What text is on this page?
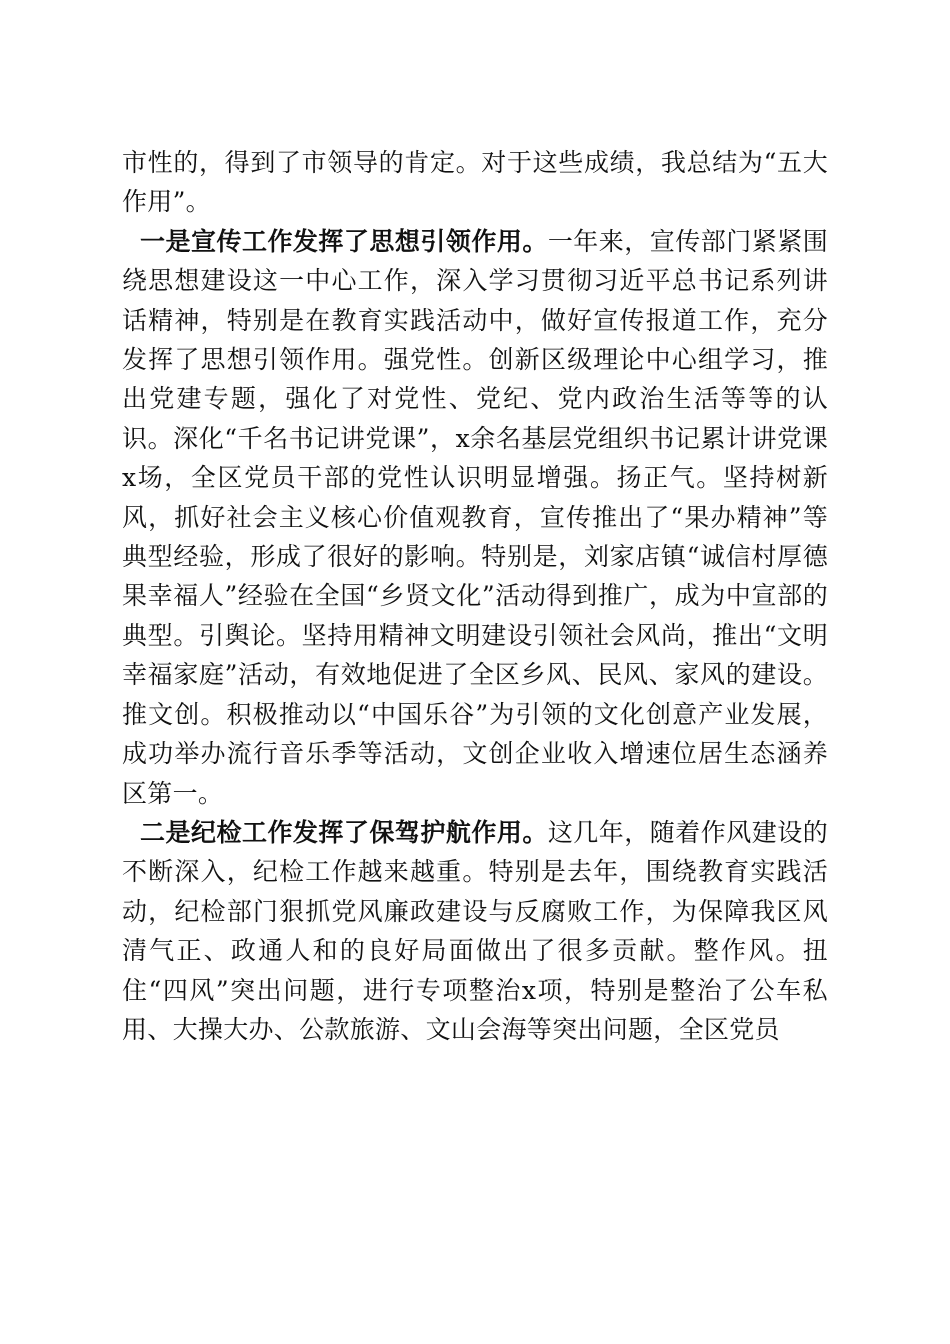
市性的，得到了市领导的肯定。对于这些成绩，我总结为“五大作用”。

一是宣传工作发挥了思想引领作用。一年来，宣传部门紧紧围绕思想建设这一中心工作，深入学习贯彻习近平总书记系列讲话精神，特别是在教育实践活动中，做好宣传报道工作，充分发挥了思想引领作用。强党性。创新区级理论中心组学习，推出党建专题，强化了对党性、党纪、党内政治生活等等的认识。深化“千名书记讲党课”，x余名基层党组织书记累计讲党课x场，全区党员干部的党性认识明显增强。扬正气。坚持树新风，抓好社会主义核心价值观教育，宣传推出了“果办精神”等典型经验，形成了很好的影响。特别是，刘家店镇“诚信村厚德果幸福人”经验在全国“乡贤文化”活动得到推广，成为中宣部的典型。引舆论。坚持用精神文明建设引领社会风尚，推出“文明幸福家庭”活动，有效地促进了全区乡风、民风、家风的建设。推文创。积极推动以“中国乐谷”为引领的文化创意产业发展，成功举办流行音乐季等活动，文创企业收入增速位居生态涵养区第一。

二是纪检工作发挥了保驾护航作用。这几年，随着作风建设的不断深入，纪检工作越来越重。特别是去年，围绕教育实践活动，纪检部门狠抓党风廉政建设与反腐败工作，为保障我区风清气正、政通人和的良好局面做出了很多贡献。整作风。扭住“四风”突出问题，进行专项整治x项，特别是整治了公车私用、大操大办、公款旅游、文山会海等突出问题，全区党员
